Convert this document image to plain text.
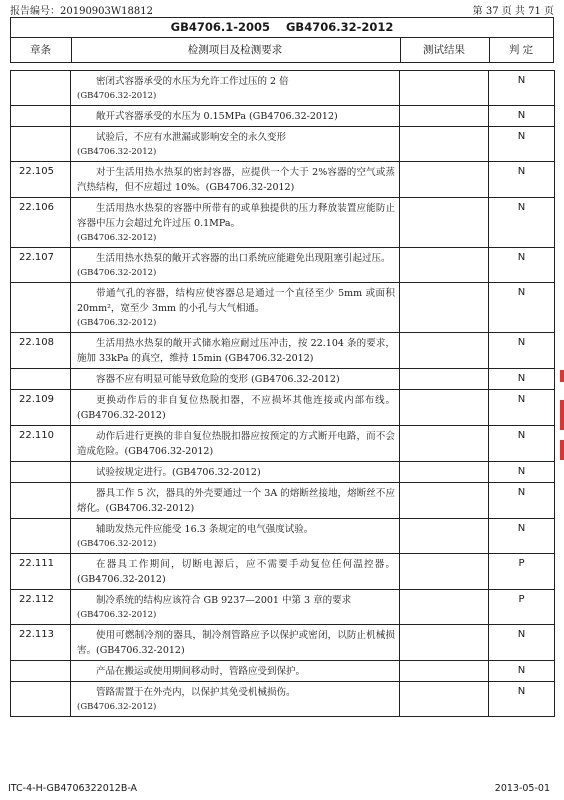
报告编号：20190903W18812	第 37 页 共 71 页
GB4706.1-2005 GB4706.32-2012
章条	检测项目及检测要求	测试结果	判 定

	密闭式容器承受的水压为允许工作过压的 2 倍
(GB4706.32-2012)		N

	敞开式容器承受的水压为 0.15MPa (GB4706.32-2012)		N

	试验后，不应有水泄漏或影响安全的永久变形
(GB4706.32-2012)		N
22.105	对于生活用热水热泵的密封容器，应提供一个大于 2%容器的空气或蒸汽热结构，但不应超过 10%。(GB4706.32-2012)		N
22.106	生活用热水热泵的容器中所带有的或单独提供的压力释放装置应能防止容器中压力会超过允许过压 0.1MPa。
(GB4706.32-2012)		N
22.107	生活用热水热泵的敞开式容器的出口系统应能避免出现阻塞引起过压。
(GB4706.32-2012)		N

	带通气孔的容器，结构应使容器总是通过一个直径至少 5mm 或面积 20mm²，宽至少 3mm 的小孔与大气相通。
(GB4706.32-2012)		N
22.108	生活用热水热泵的敞开式储水箱应耐过压冲击，按 22.104 条的要求，施加 33kPa 的真空，维持 15min (GB4706.32-2012)		N

	容器不应有明显可能导致危险的变形 (GB4706.32-2012)		N
22.109	更换动作后的非自复位热脱扣器，不应损坏其他连接或内部布线。(GB4706.32-2012)		N
22.110	动作后进行更换的非自复位热脱扣器应按预定的方式断开电路，而不会造成危险。(GB4706.32-2012)		N

	试验按规定进行。(GB4706.32-2012)		N

	器具工作 5 次，器具的外壳要通过一个 3A 的熔断丝接地，熔断丝不应熔化。(GB4706.32-2012)		N

	辅助发热元件应能受 16.3 条规定的电气强度试验。
(GB4706.32-2012)		N
22.111	在器具工作期间，切断电源后，应不需要手动复位任何温控器。(GB4706.32-2012)		P
22.112	制冷系统的结构应该符合 GB 9237—2001 中第 3 章的要求
(GB4706.32-2012)		P
22.113	使用可燃制冷剂的器具，制冷剂管路应予以保护或密闭，以防止机械损害。(GB4706.32-2012)		N

	产品在搬运或使用期间移动时，管路应受到保护。		N

	管路需置于在外壳内，以保护其免受机械损伤。
(GB4706.32-2012)		N
ITC-4-H-GB4706322012B-A	2013-05-01
